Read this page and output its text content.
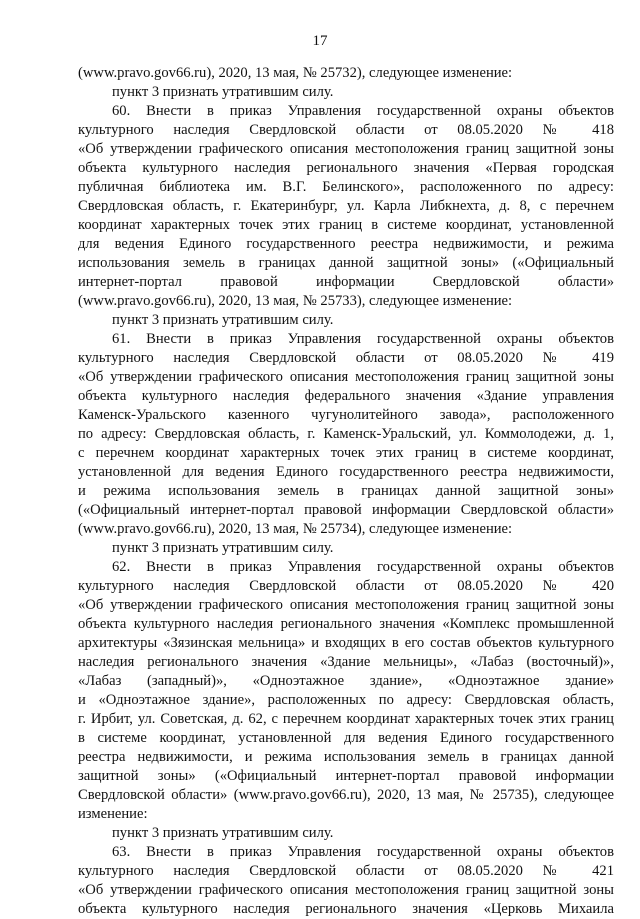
17
(www.pravo.gov66.ru), 2020, 13 мая, № 25732), следующее изменение:
пункт 3 признать утратившим силу.
60. Внести в приказ Управления государственной охраны объектов
культурного наследия Свердловской области от 08.05.2020 № 418
«Об утверждении графического описания местоположения границ защитной зоны
объекта культурного наследия регионального значения «Первая городская
публичная библиотека им. В.Г. Белинского», расположенного по адресу:
Свердловская область, г. Екатеринбург, ул. Карла Либкнехта, д. 8, с перечнем
координат характерных точек этих границ в системе координат, установленной
для ведения Единого государственного реестра недвижимости, и режима
использования земель в границах данной защитной зоны» («Официальный
интернет-портал правовой информации Свердловской области»
(www.pravo.gov66.ru), 2020, 13 мая, № 25733), следующее изменение:
пункт 3 признать утратившим силу.
61. Внести в приказ Управления государственной охраны объектов
культурного наследия Свердловской области от 08.05.2020 № 419
«Об утверждении графического описания местоположения границ защитной зоны
объекта культурного наследия федерального значения «Здание управления
Каменск-Уральского казенного чугунолитейного завода», расположенного
по адресу: Свердловская область, г. Каменск-Уральский, ул. Коммолодежи, д. 1,
с перечнем координат характерных точек этих границ в системе координат,
установленной для ведения Единого государственного реестра недвижимости,
и режима использования земель в границах данной защитной зоны»
(«Официальный интернет-портал правовой информации Свердловской области»
(www.pravo.gov66.ru), 2020, 13 мая, № 25734), следующее изменение:
пункт 3 признать утратившим силу.
62. Внести в приказ Управления государственной охраны объектов
культурного наследия Свердловской области от 08.05.2020 № 420
«Об утверждении графического описания местоположения границ защитной зоны
объекта культурного наследия регионального значения «Комплекс промышленной
архитектуры «Зязинская мельница» и входящих в его состав объектов культурного
наследия регионального значения «Здание мельницы», «Лабаз (восточный)»,
«Лабаз (западный)», «Одноэтажное здание», «Одноэтажное здание»
и «Одноэтажное здание», расположенных по адресу: Свердловская область,
г. Ирбит, ул. Советская, д. 62, с перечнем координат характерных точек этих границ
в системе координат, установленной для ведения Единого государственного
реестра недвижимости, и режима использования земель в границах данной
защитной зоны» («Официальный интернет-портал правовой информации
Свердловской области» (www.pravo.gov66.ru), 2020, 13 мая, № 25735), следующее
изменение:
пункт 3 признать утратившим силу.
63. Внести в приказ Управления государственной охраны объектов
культурного наследия Свердловской области от 08.05.2020 № 421
«Об утверждении графического описания местоположения границ защитной зоны
объекта культурного наследия регионального значения «Церковь Михаила
